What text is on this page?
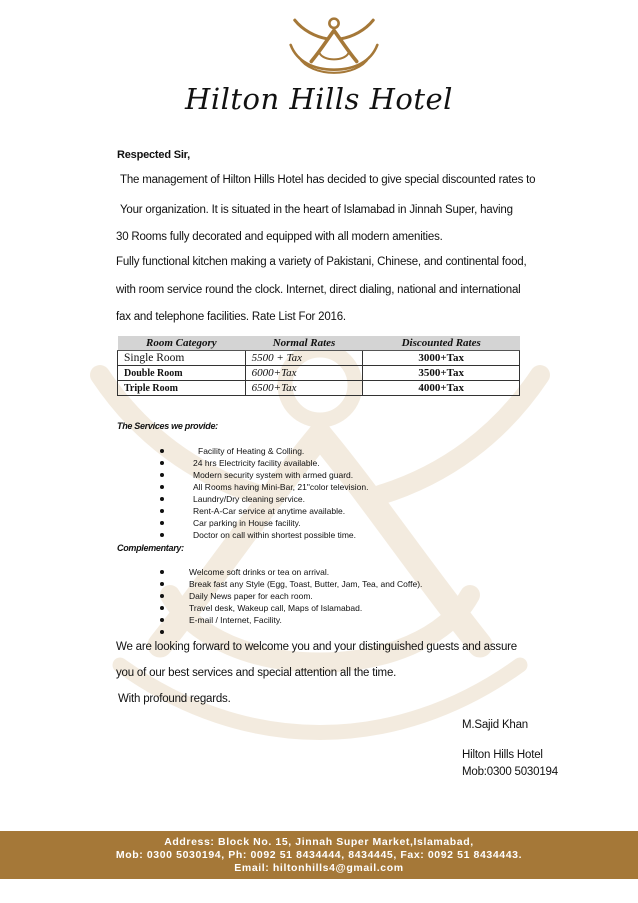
Hilton Hills Hotel
Respected Sir,
The management of Hilton Hills Hotel has decided to give special discounted rates to
Your organization. It is situated in the heart of Islamabad in Jinnah Super, having
30 Rooms fully decorated and equipped with all modern amenities.
Fully functional kitchen making a variety of Pakistani, Chinese, and continental food,
with room service round the clock. Internet, direct dialing, national and international
fax and telephone facilities. Rate List For 2016.
Room Category	Normal Rates	Discounted Rates
Single Room	5500 + Tax	3000+Tax
Double Room	6000+Tax	3500+Tax
Triple Room	6500+Tax	4000+Tax
The Services we provide:
Facility of Heating & Colling.
24 hrs Electricity facility available.
Modern security system with armed guard.
All Rooms having Mini-Bar, 21"color television.
Laundry/Dry cleaning service.
Rent-A-Car service at anytime available.
Car parking in House facility.
Doctor on call within shortest possible time.
Complementary:
Welcome soft drinks or tea on arrival.
Break fast any Style (Egg, Toast, Butter, Jam, Tea, and Coffe).
Daily News paper for each room.
Travel desk, Wakeup call, Maps of Islamabad.
E-mail / Internet, Facility.
We are looking forward to welcome you and your distinguished guests and assure
you of our best services and special attention all the time.
With profound regards.
M.Sajid Khan
Hilton Hills Hotel
Mob:0300 5030194
Address: Block No. 15, Jinnah Super Market,Islamabad,
Mob: 0300 5030194, Ph: 0092 51 8434444, 8434445, Fax: 0092 51 8434443.
Email: hiltonhills4@gmail.com
